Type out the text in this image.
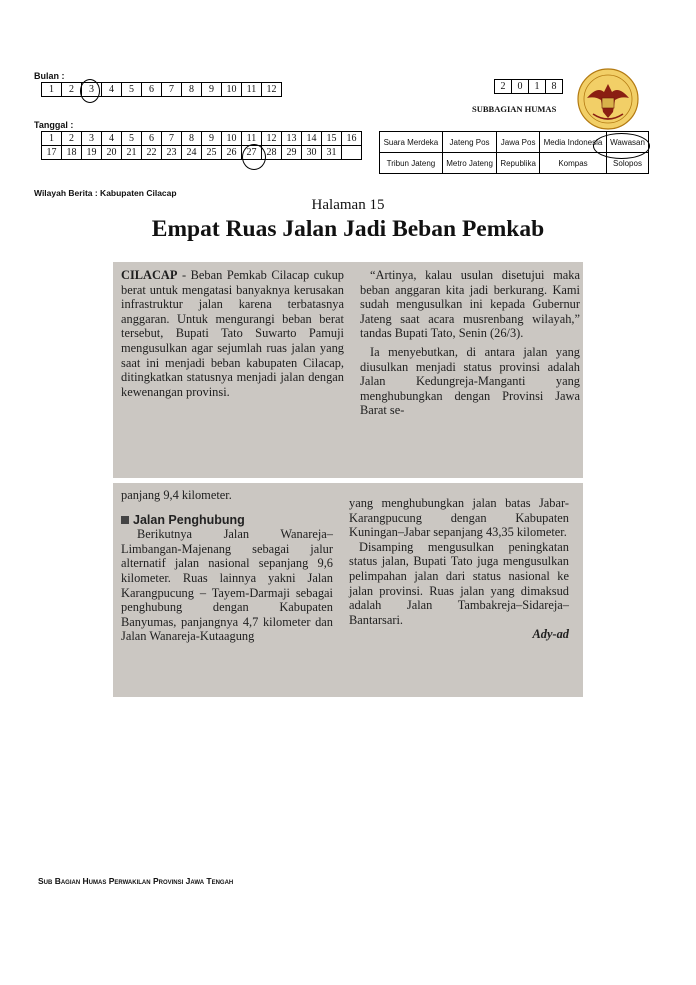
Bulan :
1	2	3	4	5	6	7	8	9	10	11	12
Tanggal :
1	2	3	4	5	6	7	8	9	10	11	12	13	14	15	16
17	18	19	20	21	22	23	24	25	26	27	28	29	30	31	
2	0	1	8
SUBBAGIAN HUMAS
Suara Merdeka	Jateng Pos	Jawa Pos	Media Indonesia	Wawasan
Tribun Jateng	Metro Jateng	Republika	Kompas	Solopos
Wilayah Berita : Kabupaten Cilacap
Halaman 15
Empat Ruas Jalan Jadi Beban Pemkab

CILACAP - Beban Pemkab Cilacap cukup berat untuk mengatasi banyaknya kerusakan infrastruktur jalan karena terbatasnya anggaran. Untuk mengurangi beban berat tersebut, Bupati Tato Suwarto Pamuji mengusulkan agar sejumlah ruas jalan yang saat ini menjadi beban kabupaten Cilacap, ditingkatkan statusnya menjadi jalan dengan kewenangan provinsi.

“Artinya, kalau usulan disetujui maka beban anggaran kita jadi berkurang. Kami sudah mengusulkan ini kepada Gubernur Jateng saat acara musrenbang wilayah,” tandas Bupati Tato, Senin (26/3).

Ia menyebutkan, di antara jalan yang diusulkan menjadi status provinsi adalah Jalan Kedungreja-Manganti yang menghubungkan dengan Provinsi Jawa Barat se-

panjang 9,4 kilometer.

Jalan Penghubung

Berikutnya Jalan Wanareja–Limbangan-Majenang sebagai jalur alternatif jalan nasional sepanjang 9,6 kilometer. Ruas lainnya yakni Jalan Karangpucung – Tayem-Darmaji sebagai penghubung dengan Kabupaten Banyumas, panjangnya 4,7 kilometer dan Jalan Wanareja-Kutaagung

yang menghubungkan jalan batas Jabar-Karangpucung dengan Kabupaten Kuningan–Jabar sepanjang 43,35 kilometer.

Disamping mengusulkan peningkatan status jalan, Bupati Tato juga mengusulkan pelimpahan jalan dari status nasional ke jalan provinsi. Ruas jalan yang dimaksud adalah Jalan Tambakreja–Sidareja–Bantarsari.

Ady-ad
Sub Bagian Humas Perwakilan Provinsi Jawa Tengah
